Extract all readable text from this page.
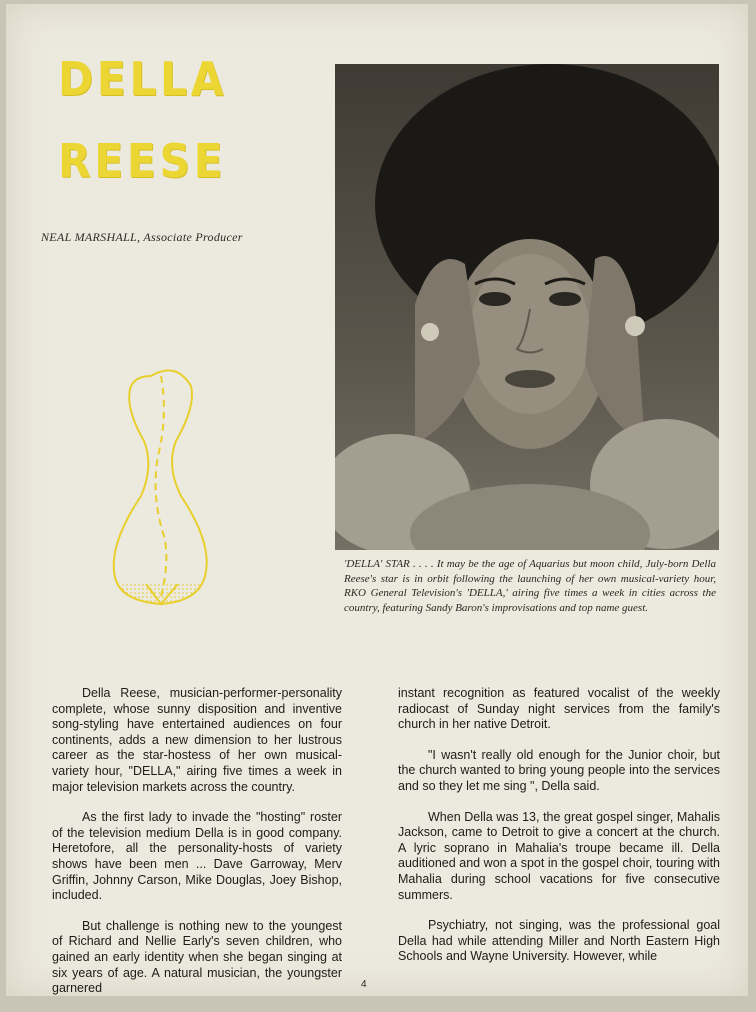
DELLA
REESE
NEAL MARSHALL, Associate Producer
'DELLA' STAR . . . . It may be the age of Aquarius but moon child, July-born Della Reese's star is in orbit following the launching of her own musical-variety hour, RKO General Television's 'DELLA,' airing five times a week in cities across the country, featuring Sandy Baron's improvisations and top name guest.

Della Reese, musician-performer-personality complete, whose sunny disposition and inventive song-styling have entertained audiences on four continents, adds a new dimension to her lustrous career as the star-hostess of her own musical-variety hour, "DELLA," airing five times a week in major television markets across the country.

As the first lady to invade the "hosting" roster of the television medium Della is in good company. Heretofore, all the personality-hosts of variety shows have been men ... Dave Garroway, Merv Griffin, Johnny Carson, Mike Douglas, Joey Bishop, included.

But challenge is nothing new to the youngest of Richard and Nellie Early's seven children, who gained an early identity when she began singing at six years of age. A natural musician, the youngster garnered

instant recognition as featured vocalist of the weekly radiocast of Sunday night services from the family's church in her native Detroit.

"I wasn't really old enough for the Junior choir, but the church wanted to bring young people into the services and so they let me sing ", Della said.

When Della was 13, the great gospel singer, Mahalis Jackson, came to Detroit to give a concert at the church. A lyric soprano in Mahalia's troupe became ill. Della auditioned and won a spot in the gospel choir, touring with Mahalia during school vacations for five consecutive summers.

Psychiatry, not singing, was the professional goal Della had while attending Miller and North Eastern High Schools and Wayne University. However, while

4
